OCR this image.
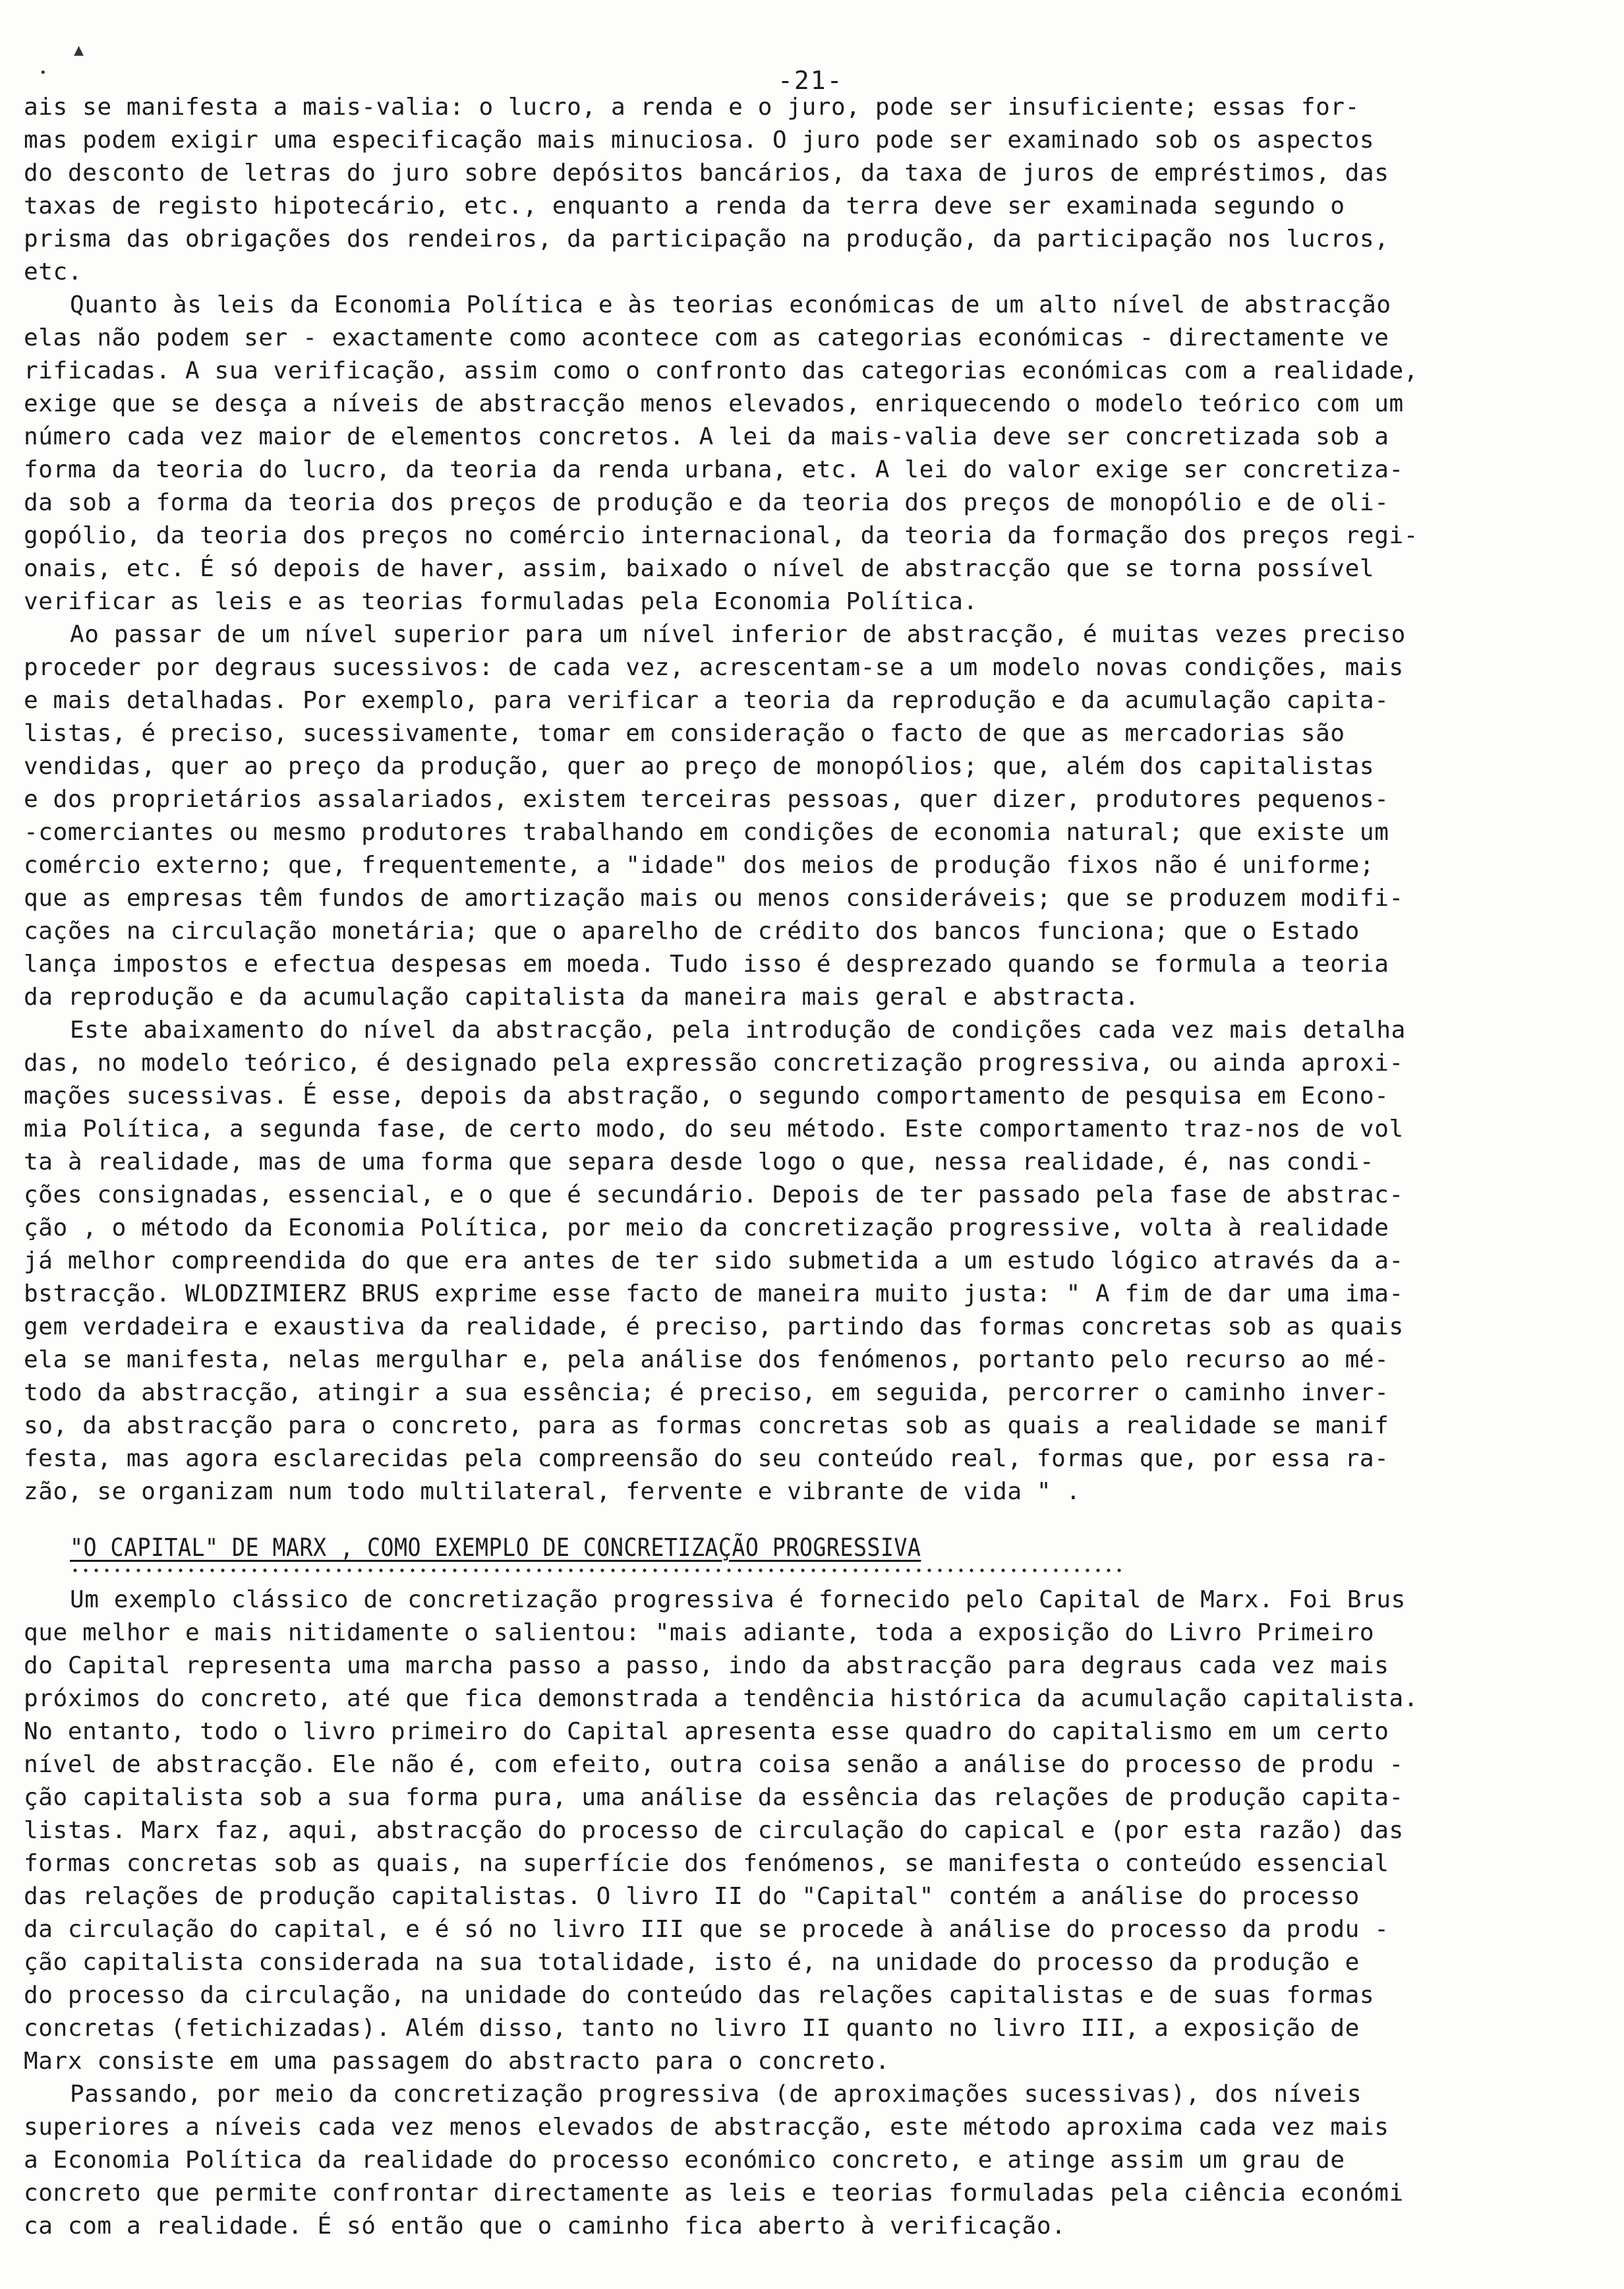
▴
•	-21-
ais se manifesta a mais-valia: o lucro, a renda e o juro, pode ser insuficiente; essas for-
mas podem exigir uma especificação mais minuciosa. O juro pode ser examinado sob os aspectos
do desconto de letras do juro sobre depósitos bancários, da taxa de juros de empréstimos, das
taxas de registo hipotecário, etc., enquanto a renda da terra deve ser examinada segundo o
prisma das obrigações dos rendeiros, da participação na produção, da participação nos lucros,
etc.
Quanto às leis da Economia Política e às teorias económicas de um alto nível de abstracção
elas não podem ser - exactamente como acontece com as categorias económicas - directamente ve
rificadas. A sua verificação, assim como o confronto das categorias económicas com a realidade,
exige que se desça a níveis de abstracção menos elevados, enriquecendo o modelo teórico com um
número cada vez maior de elementos concretos. A lei da mais-valia deve ser concretizada sob a
forma da teoria do lucro, da teoria da renda urbana, etc. A lei do valor exige ser concretiza-
da sob a forma da teoria dos preços de produção e da teoria dos preços de monopólio e de oli-
gopólio, da teoria dos preços no comércio internacional, da teoria da formação dos preços regi-
onais, etc. É só depois de haver, assim, baixado o nível de abstracção que se torna possível
verificar as leis e as teorias formuladas pela Economia Política.
Ao passar de um nível superior para um nível inferior de abstracção, é muitas vezes preciso
proceder por degraus sucessivos: de cada vez, acrescentam-se a um modelo novas condições, mais
e mais detalhadas. Por exemplo, para verificar a teoria da reprodução e da acumulação capita-
listas, é preciso, sucessivamente, tomar em consideração o facto de que as mercadorias são
vendidas, quer ao preço da produção, quer ao preço de monopólios; que, além dos capitalistas
e dos proprietários assalariados, existem terceiras pessoas, quer dizer, produtores pequenos-
-comerciantes ou mesmo produtores trabalhando em condições de economia natural; que existe um
comércio externo; que, frequentemente, a "idade" dos meios de produção fixos não é uniforme;
que as empresas têm fundos de amortização mais ou menos consideráveis; que se produzem modifi-
cações na circulação monetária; que o aparelho de crédito dos bancos funciona; que o Estado
lança impostos e efectua despesas em moeda. Tudo isso é desprezado quando se formula a teoria
da reprodução e da acumulação capitalista da maneira mais geral e abstracta.
Este abaixamento do nível da abstracção, pela introdução de condições cada vez mais detalha
das, no modelo teórico, é designado pela expressão concretização progressiva, ou ainda aproxi-
mações sucessivas. É esse, depois da abstração, o segundo comportamento de pesquisa em Econo-
mia Política, a segunda fase, de certo modo, do seu método. Este comportamento traz-nos de vol
ta à realidade, mas de uma forma que separa desde logo o que, nessa realidade, é, nas condi-
ções consignadas, essencial, e o que é secundário. Depois de ter passado pela fase de abstrac-
ção , o método da Economia Política, por meio da concretização progressive, volta à realidade
já melhor compreendida do que era antes de ter sido submetida a um estudo lógico através da a-
bstracção. WLODZIMIERZ BRUS exprime esse facto de maneira muito justa: " A fim de dar uma ima-
gem verdadeira e exaustiva da realidade, é preciso, partindo das formas concretas sob as quais
ela se manifesta, nelas mergulhar e, pela análise dos fenómenos, portanto pelo recurso ao mé-
todo da abstracção, atingir a sua essência; é preciso, em seguida, percorrer o caminho inver-
so, da abstracção para o concreto, para as formas concretas sob as quais a realidade se manif
festa, mas agora esclarecidas pela compreensão do seu conteúdo real, formas que, por essa ra-
zão, se organizam num todo multilateral, fervente e vibrante de vida " .
"O CAPITAL" DE MARX , COMO EXEMPLO DE CONCRETIZAÇÃO PROGRESSIVA
Um exemplo clássico de concretização progressiva é fornecido pelo Capital de Marx. Foi Brus
que melhor e mais nitidamente o salientou: "mais adiante, toda a exposição do Livro Primeiro
do Capital representa uma marcha passo a passo, indo da abstracção para degraus cada vez mais
próximos do concreto, até que fica demonstrada a tendência histórica da acumulação capitalista.
No entanto, todo o livro primeiro do Capital apresenta esse quadro do capitalismo em um certo
nível de abstracção. Ele não é, com efeito, outra coisa senão a análise do processo de produ -
ção capitalista sob a sua forma pura, uma análise da essência das relações de produção capita-
listas. Marx faz, aqui, abstracção do processo de circulação do capical e (por esta razão) das
formas concretas sob as quais, na superfície dos fenómenos, se manifesta o conteúdo essencial
das relações de produção capitalistas. O livro II do "Capital" contém a análise do processo
da circulação do capital, e é só no livro III que se procede à análise do processo da produ -
ção capitalista considerada na sua totalidade, isto é, na unidade do processo da produção e
do processo da circulação, na unidade do conteúdo das relações capitalistas e de suas formas
concretas (fetichizadas). Além disso, tanto no livro II quanto no livro III, a exposição de
Marx consiste em uma passagem do abstracto para o concreto.
Passando, por meio da concretização progressiva (de aproximações sucessivas), dos níveis
superiores a níveis cada vez menos elevados de abstracção, este método aproxima cada vez mais
a Economia Política da realidade do processo económico concreto, e atinge assim um grau de
concreto que permite confrontar directamente as leis e teorias formuladas pela ciência económi
ca com a realidade. É só então que o caminho fica aberto à verificação.
